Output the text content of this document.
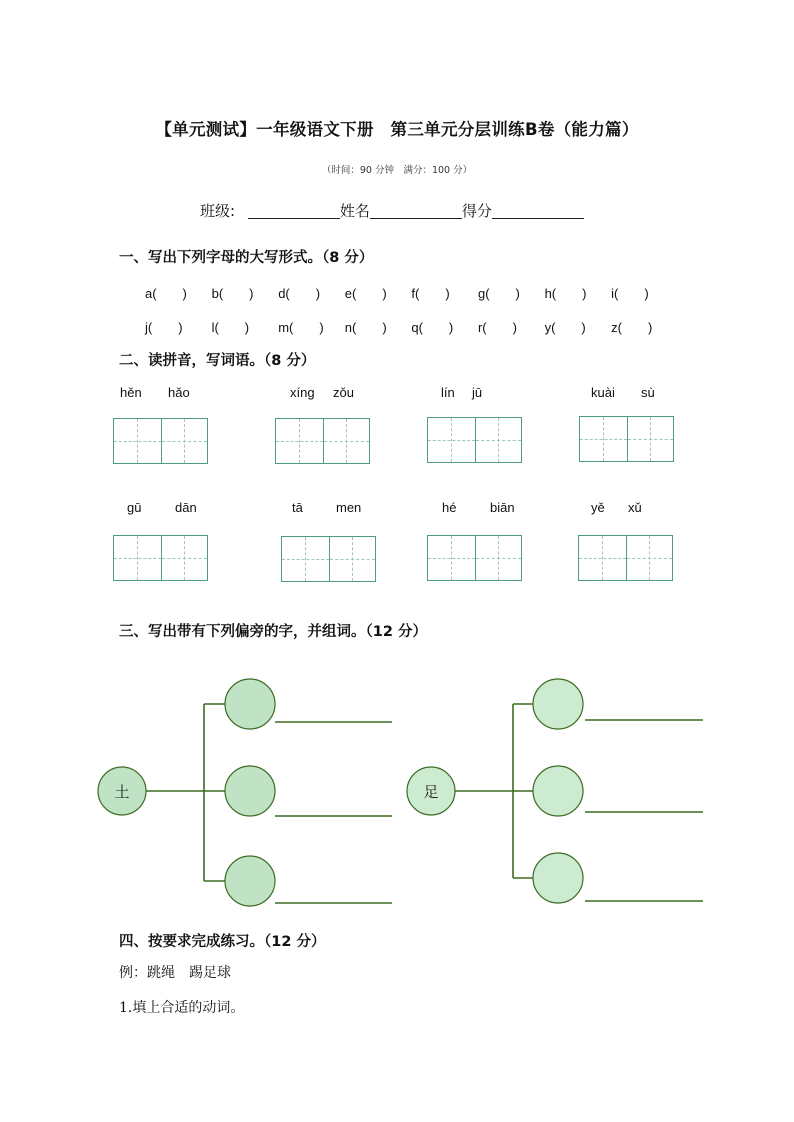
【单元测试】一年级语文下册　第三单元分层训练B卷（能力篇）
（时间：90 分钟　满分：100 分）
班级:	姓名	得分
一、写出下列字母的大写形式。（8 分）
a(　　) b(　　) d(　　) e(　　) f(　　) g(　　) h(　　) i(　　)
j(　　) l(　　) m(　　) n(　　) q(　　) r(　　) y(　　) z(　　)
二、读拼音，写词语。（8 分）
hěn hǎo	xíng zǒu	lín jū	kuài sù
gū	dān	tā	men	hé	biān	yě xǔ
三、写出带有下列偏旁的字，并组词。（12 分）
土	足
四、按要求完成练习。（12 分）
例：跳绳　踢足球
1.填上合适的动词。
